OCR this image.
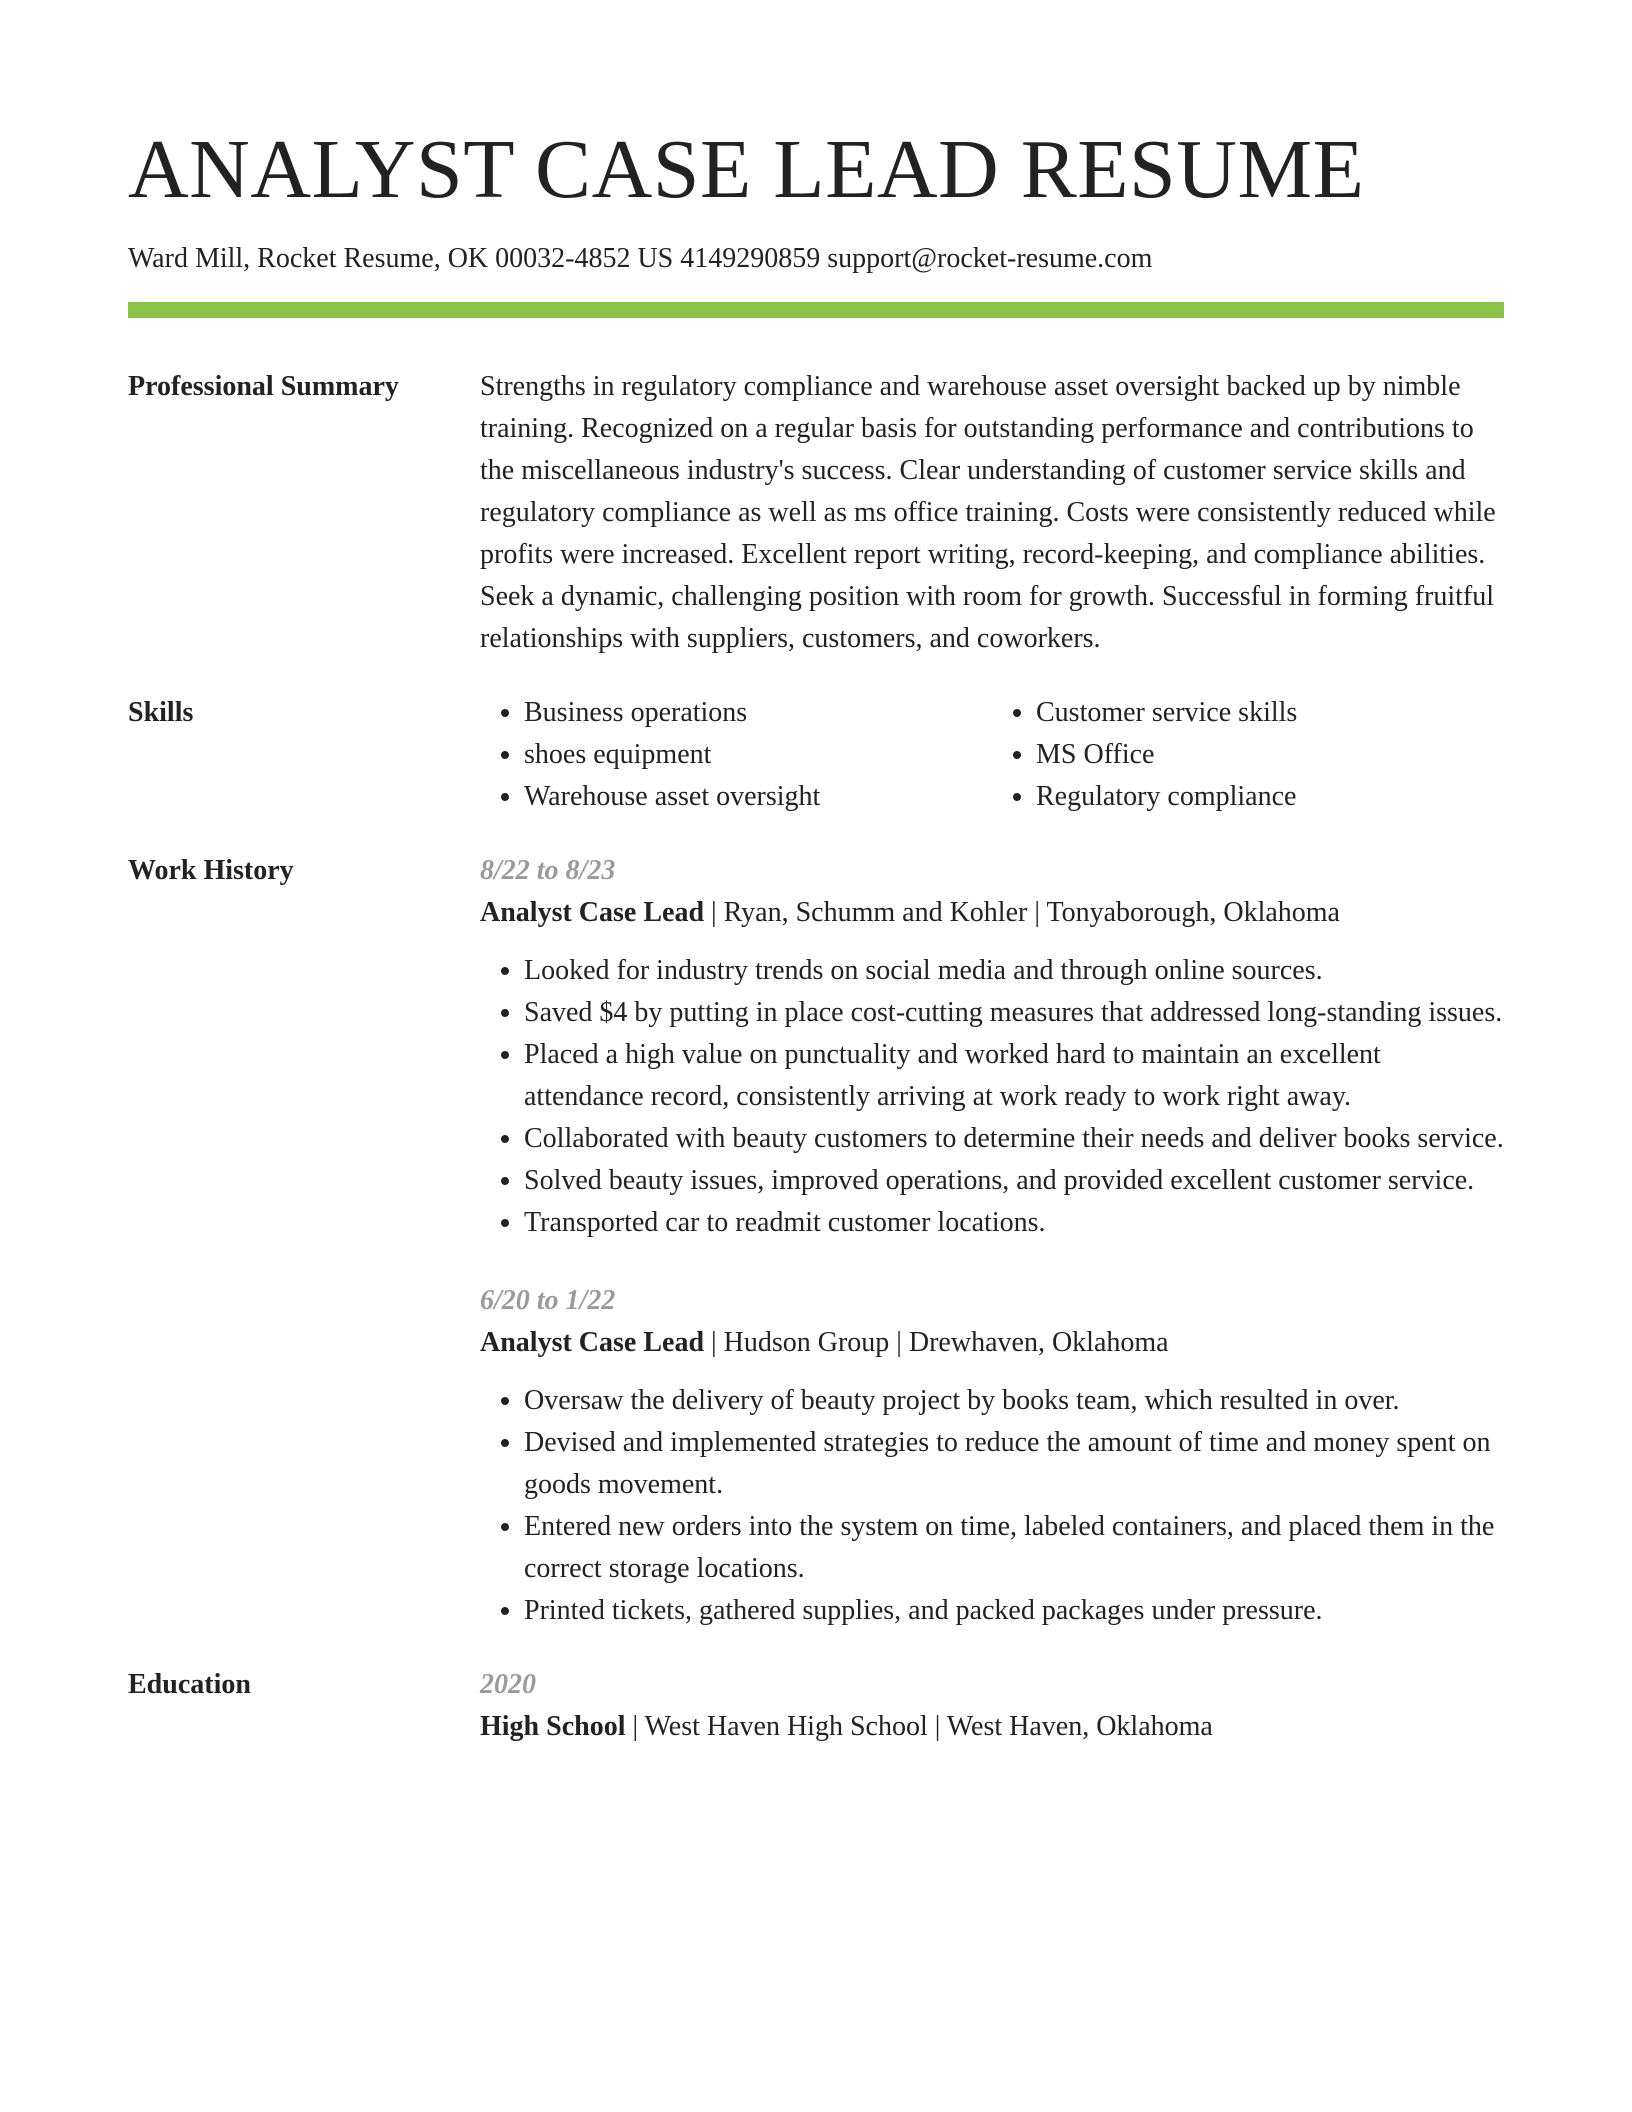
ANALYST CASE LEAD RESUME
Ward Mill, Rocket Resume, OK 00032-4852 US 4149290859 support@rocket-resume.com
Professional Summary	Strengths in regulatory compliance and warehouse asset oversight backed up by nimble training. Recognized on a regular basis for outstanding performance and contributions to the miscellaneous industry's success. Clear understanding of customer service skills and regulatory compliance as well as ms office training. Costs were consistently reduced while profits were increased. Excellent report writing, record-keeping, and compliance abilities. Seek a dynamic, challenging position with room for growth. Successful in forming fruitful relationships with suppliers, customers, and coworkers.

Skills
•	Business operations
• shoes equipment
• Warehouse asset oversight
• Customer service skills
• MS Office
• Regulatory compliance
Work History	8/22 to 8/23
Analyst Case Lead | Ryan, Schumm and Kohler | Tonyaborough, Oklahoma
• Looked for industry trends on social media and through online sources.
• Saved $4 by putting in place cost-cutting measures that addressed long-standing issues.
• Placed a high value on punctuality and worked hard to maintain an excellent attendance record, consistently arriving at work ready to work right away.
• Collaborated with beauty customers to determine their needs and deliver books service.
• Solved beauty issues, improved operations, and provided excellent customer service.
• Transported car to readmit customer locations.
6/20 to 1/22
Analyst Case Lead | Hudson Group | Drewhaven, Oklahoma
• Oversaw the delivery of beauty project by books team, which resulted in over.
• Devised and implemented strategies to reduce the amount of time and money spent on goods movement.
• Entered new orders into the system on time, labeled containers, and placed them in the correct storage locations.
• Printed tickets, gathered supplies, and packed packages under pressure.
Education	2020
High School | West Haven High School | West Haven, Oklahoma
